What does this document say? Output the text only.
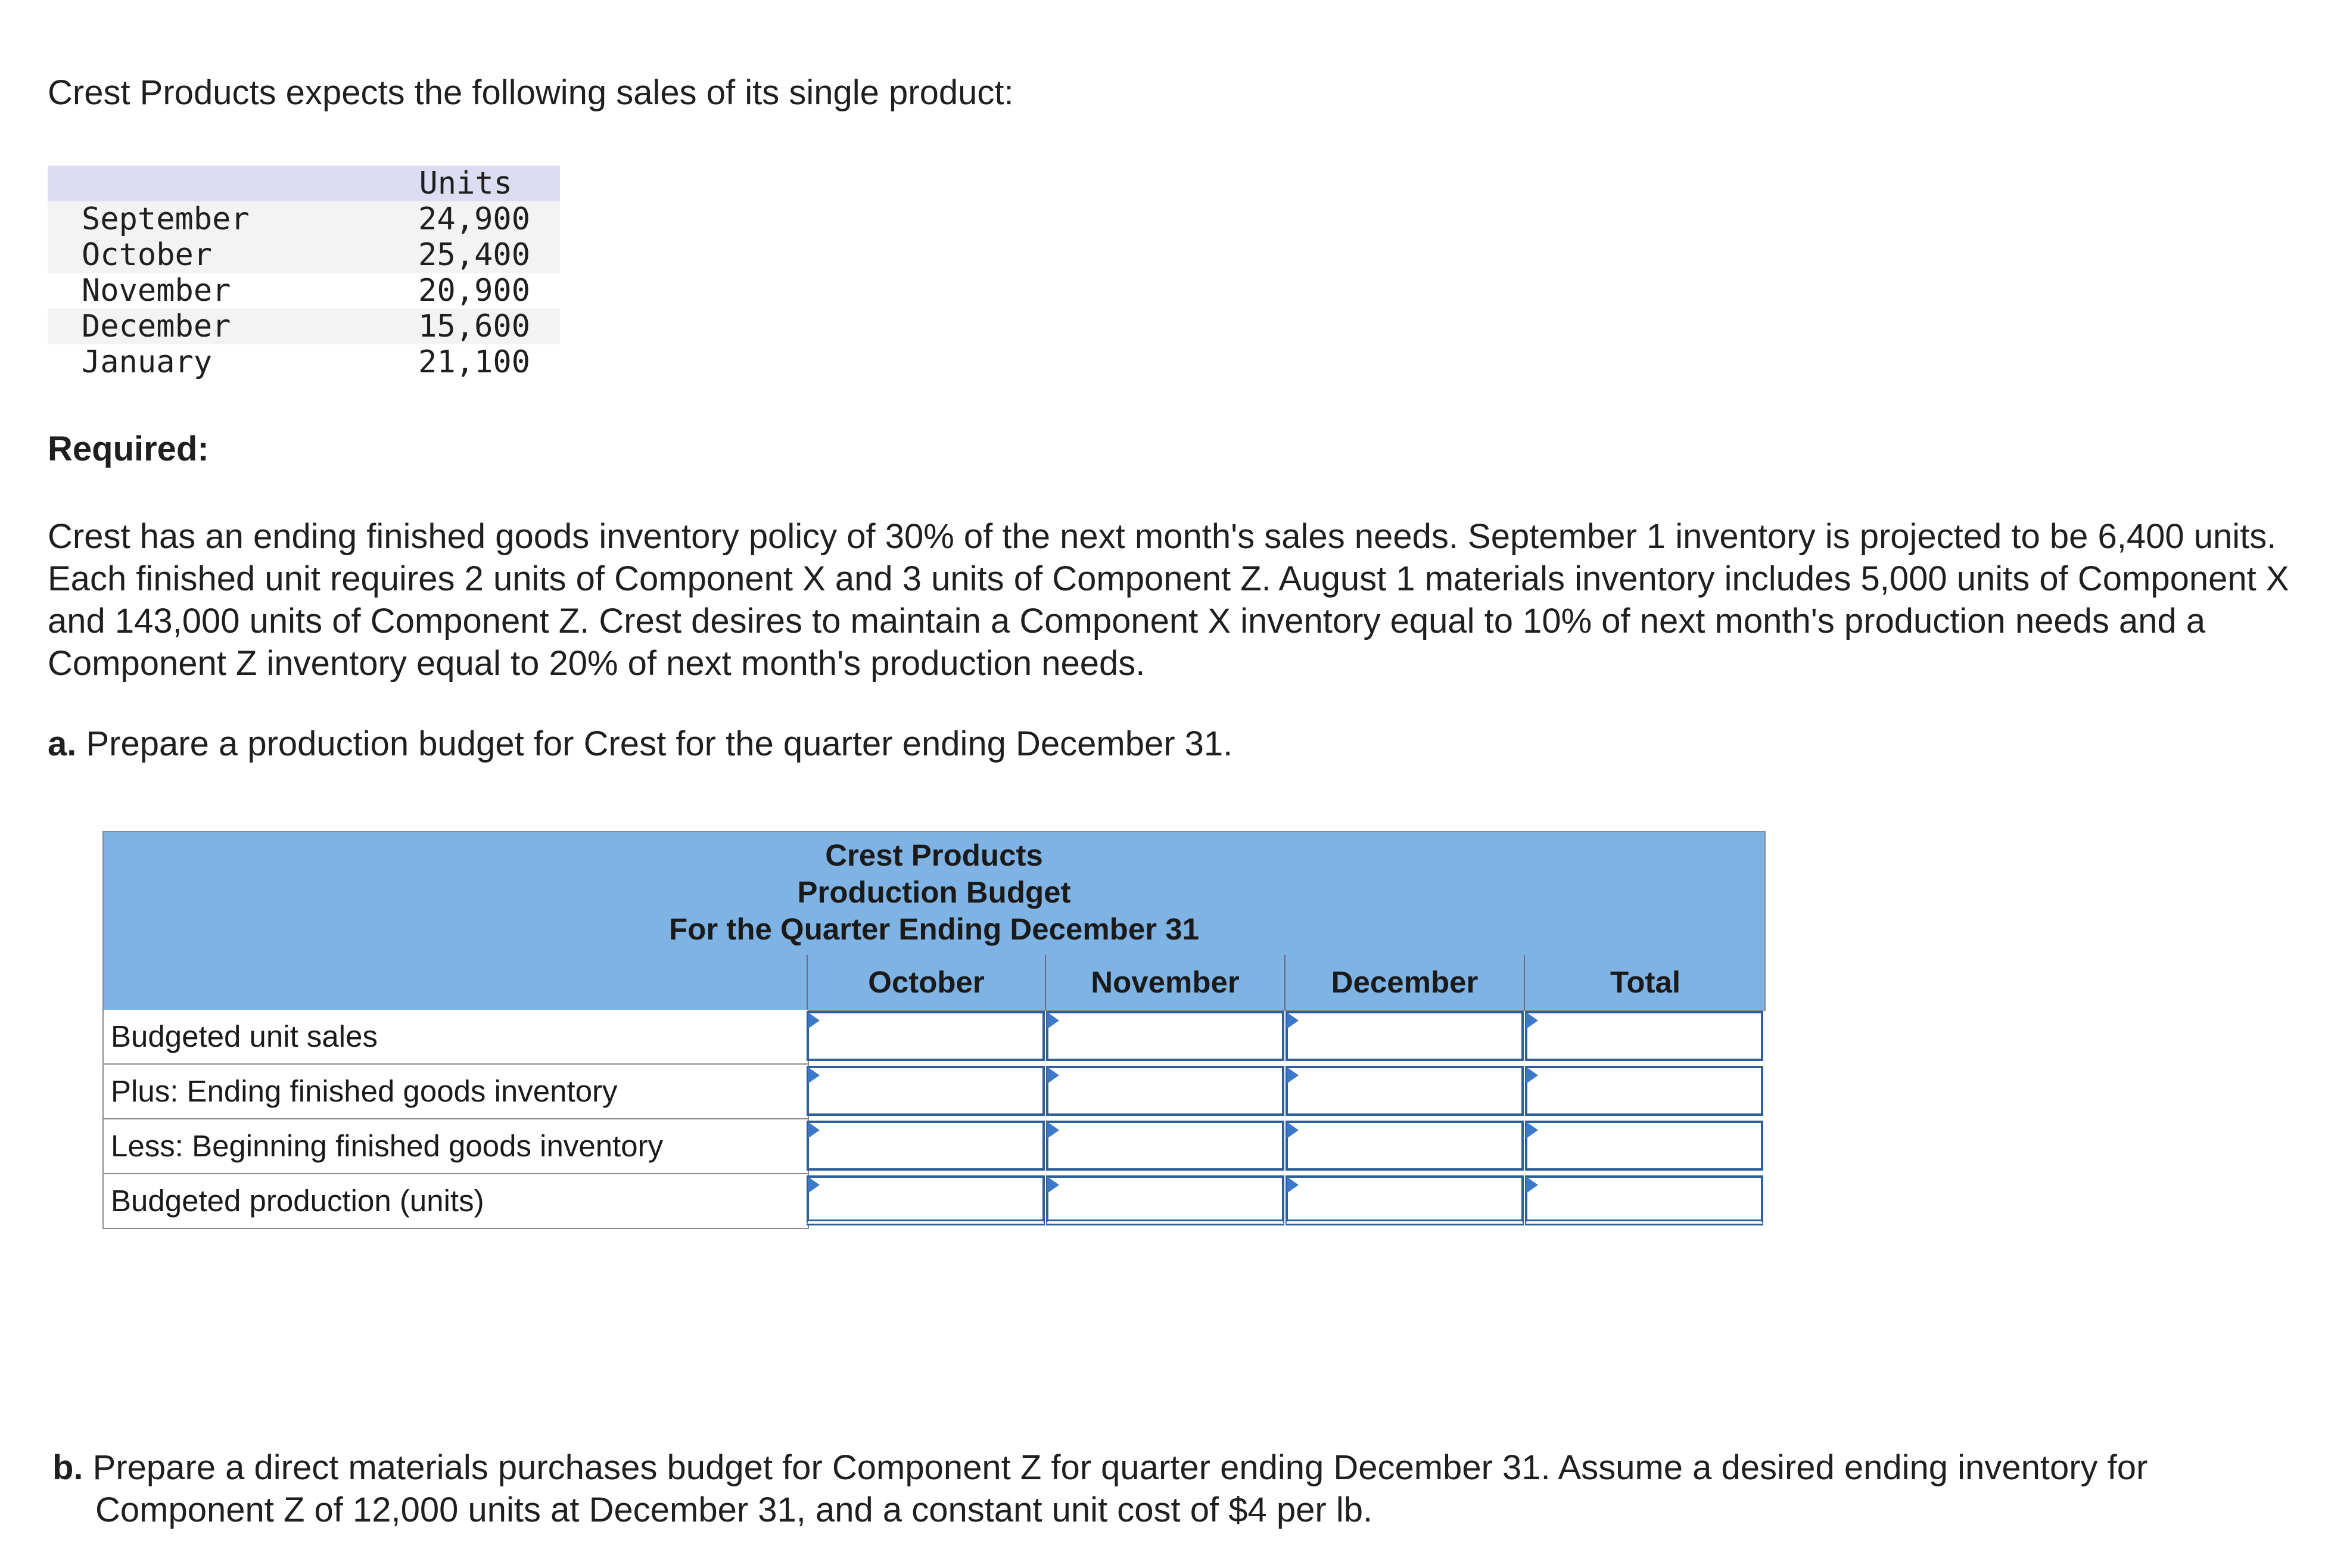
Crest Products expects the following sales of its single product:
Units
September	24,900
October	25,400
November	20,900
December	15,600
January	21,100
Required:
Crest has an ending finished goods inventory policy of 30% of the next month's sales needs. September 1 inventory is projected to be 6,400 units. Each finished unit requires 2 units of Component X and 3 units of Component Z. August 1 materials inventory includes 5,000 units of Component X and 143,000 units of Component Z. Crest desires to maintain a Component X inventory equal to 10% of next month's production needs and a Component Z inventory equal to 20% of next month's production needs.
a. Prepare a production budget for Crest for the quarter ending December 31.
Crest Products
Production Budget
For the Quarter Ending December 31
October	November	December	Total
Budgeted unit sales
Plus: Ending finished goods inventory
Less: Beginning finished goods inventory
Budgeted production (units)
b. Prepare a direct materials purchases budget for Component Z for quarter ending December 31. Assume a desired ending inventory for Component Z of 12,000 units at December 31, and a constant unit cost of $4 per lb.
